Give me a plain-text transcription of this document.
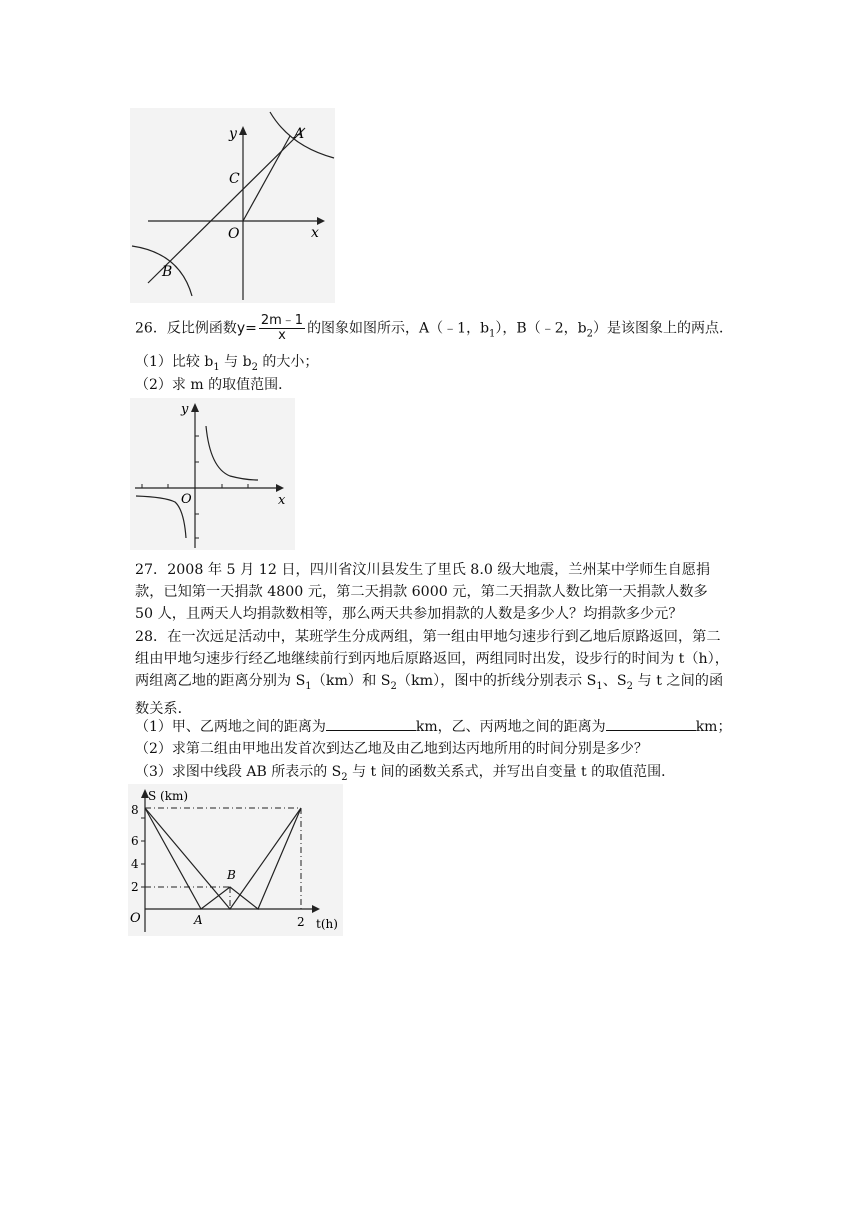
y
x
O
A
B
C
26．反比例函数$y= \frac{2m﹣1}{x}$ 的图象如图所示，A（﹣1，$b_1$），B（﹣2，$b_2$）是该图象上的两点．
（1）比较 $b_1$ 与 $b_2$ 的大小；
（2）求 m 的取值范围．
y
x
O
27．2008 年 5 月 12 日，四川省汶川县发生了里氏 8.0 级大地震，兰州某中学师生自愿捐款，已知第一天捐款 4800 元，第二天捐款 6000 元，第二天捐款人数比第一天捐款人数多 50 人，且两天人均捐款数相等，那么两天共参加捐款的人数是多少人？均捐款多少元？
28．在一次远足活动中，某班学生分成两组，第一组由甲地匀速步行到乙地后原路返回，第二组由甲地匀速步行经乙地继续前行到丙地后原路返回，两组同时出发，设步行的时间为 t（h），两组离乙地的距离分别为 $S_1(km)$和 $S_2(km)$，图中的折线分别表示 $S_1$、$S_2$ 与 t 之间的函数关系．
（1）甲、乙两地之间的距离为	km，乙、丙两地之间的距离为	km；
（2）求第二组由甲地出发首次到达乙地及由乙地到达丙地所用的时间分别是多少？
（3）求图中线段 AB 所表示的 $S_2$ 与 t 间的函数关系式，并写出自变量 t 的取值范围．
S (km)
t(h)
8
6
4
2
O	A
B
2
